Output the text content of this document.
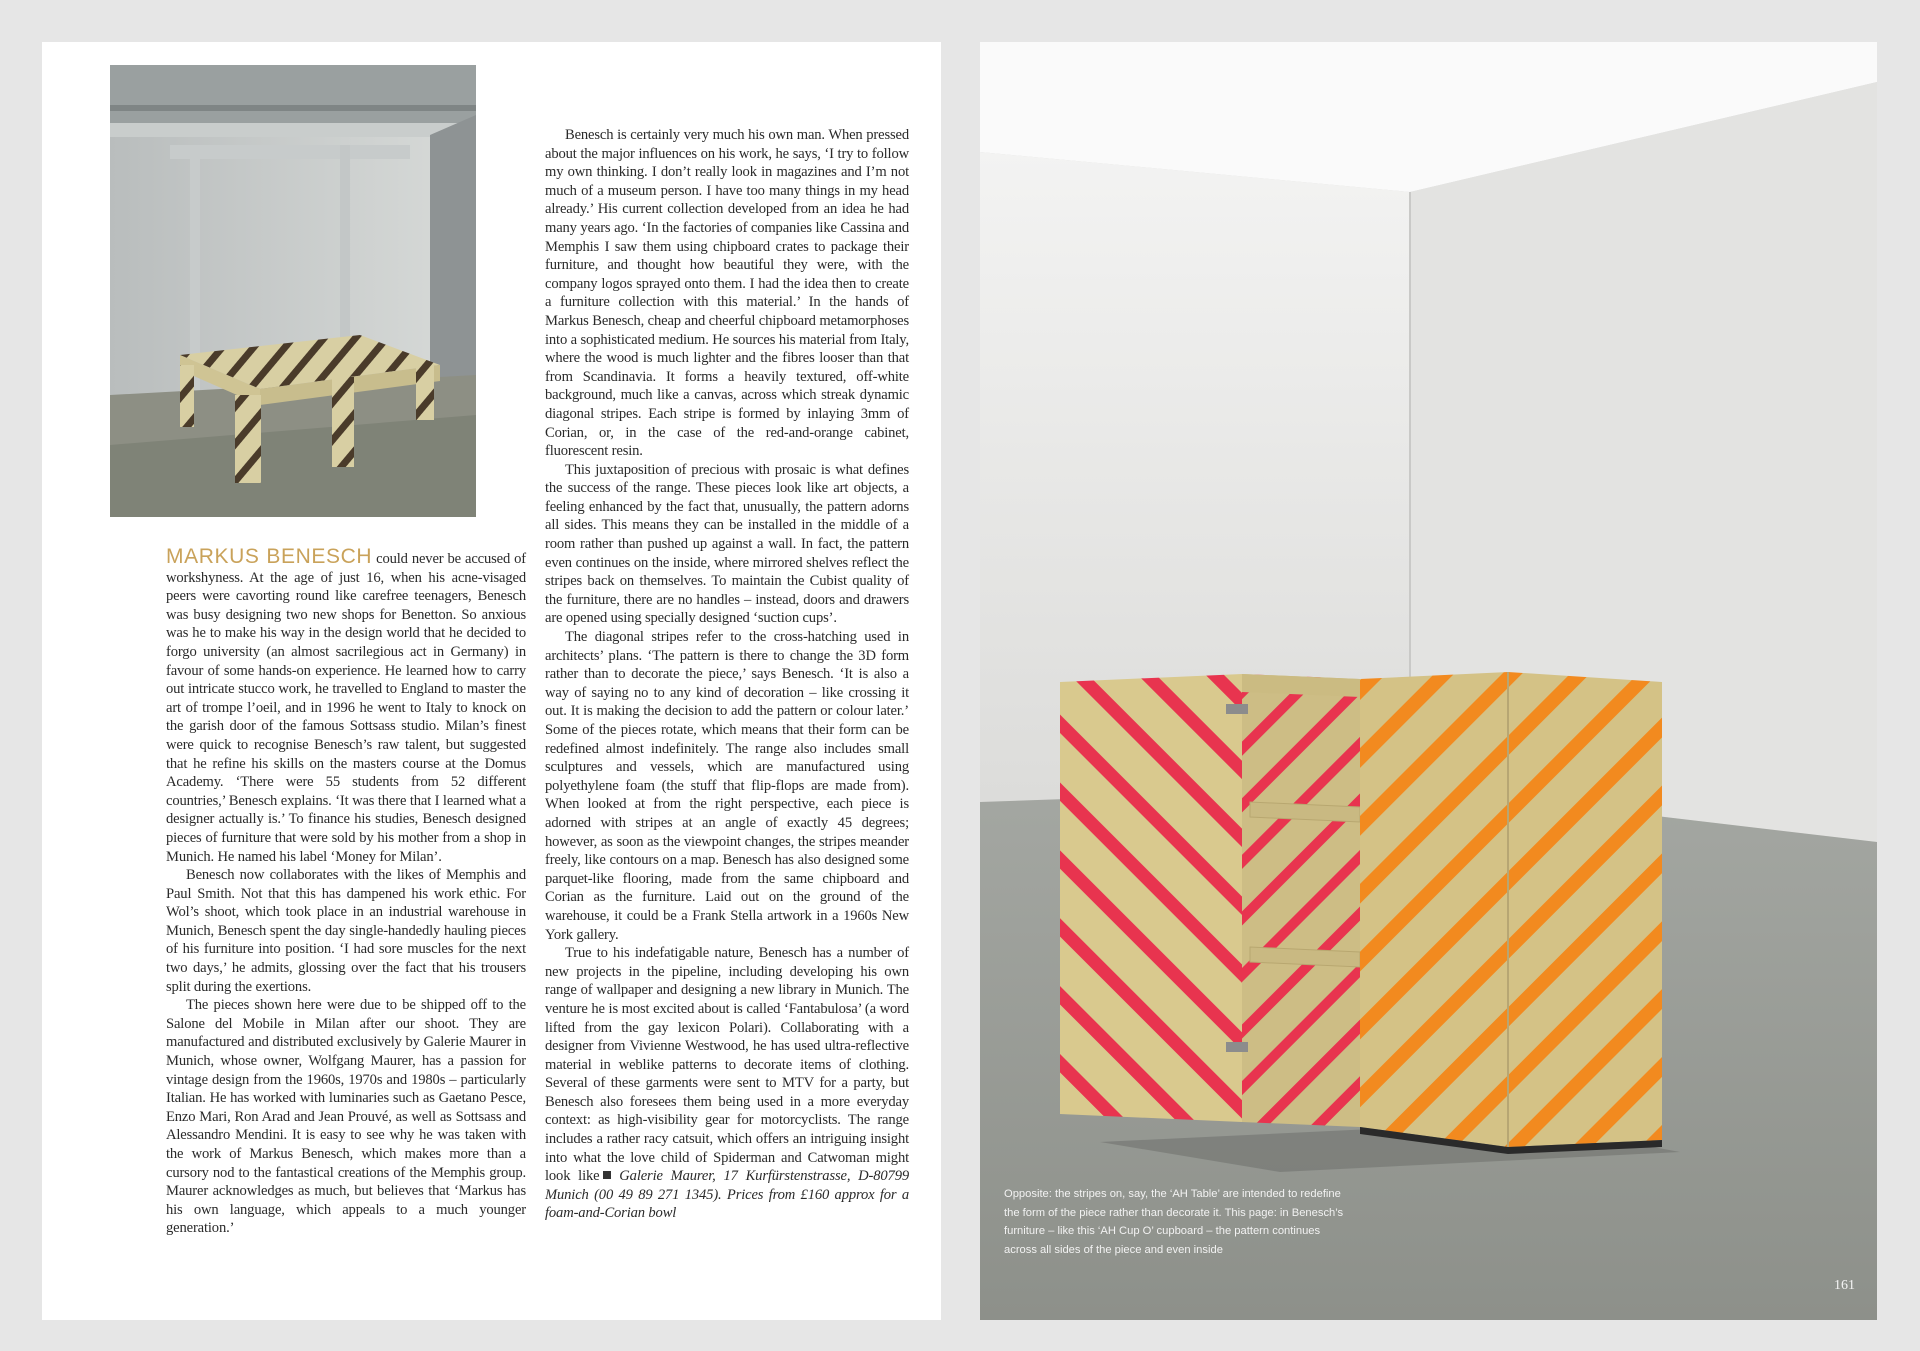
MARKUS BENESCH could never be accused of workshyness. At the age of just 16, when his acne-visaged peers were cavorting round like carefree teenagers, Benesch was busy designing two new shops for Benetton. So anxious was he to make his way in the design world that he decided to forgo university (an almost sacrilegious act in Germany) in favour of some hands-on experience. He learned how to carry out intricate stucco work, he travelled to England to master the art of trompe l’oeil, and in 1996 he went to Italy to knock on the garish door of the famous Sottsass studio. Milan’s finest were quick to recognise Benesch’s raw talent, but suggested that he refine his skills on the masters course at the Domus Academy. ‘There were 55 students from 52 different countries,’ Benesch explains. ‘It was there that I learned what a designer actually is.’ To finance his studies, Benesch designed pieces of furniture that were sold by his mother from a shop in Munich. He named his label ‘Money for Milan’.

Benesch now collaborates with the likes of Memphis and Paul Smith. Not that this has dampened his work ethic. For Wol’s shoot, which took place in an industrial warehouse in Munich, Benesch spent the day single-handedly hauling pieces of his furniture into position. ‘I had sore muscles for the next two days,’ he admits, glossing over the fact that his trousers split during the exertions.

The pieces shown here were due to be shipped off to the Salone del Mobile in Milan after our shoot. They are manufactured and distributed exclusively by Galerie Maurer in Munich, whose owner, Wolfgang Maurer, has a passion for vintage design from the 1960s, 1970s and 1980s – particularly Italian. He has worked with luminaries such as Gaetano Pesce, Enzo Mari, Ron Arad and Jean Prouvé, as well as Sottsass and Alessandro Mendini. It is easy to see why he was taken with the work of Markus Benesch, which makes more than a cursory nod to the fantastical creations of the Memphis group. Maurer acknowledges as much, but believes that ‘Markus has his own language, which appeals to a much younger generation.’

Benesch is certainly very much his own man. When pressed about the major influences on his work, he says, ‘I try to follow my own thinking. I don’t really look in magazines and I’m not much of a museum person. I have too many things in my head already.’ His current collection developed from an idea he had many years ago. ‘In the factories of companies like Cassina and Memphis I saw them using chipboard crates to package their furniture, and thought how beautiful they were, with the company logos sprayed onto them. I had the idea then to create a furniture collection with this material.’ In the hands of Markus Benesch, cheap and cheerful chipboard metamorphoses into a sophisticated medium. He sources his material from Italy, where the wood is much lighter and the fibres looser than that from Scandinavia. It forms a heavily textured, off-white background, much like a canvas, across which streak dynamic diagonal stripes. Each stripe is formed by inlaying 3mm of Corian, or, in the case of the red-and-orange cabinet, fluorescent resin.

This juxtaposition of precious with prosaic is what defines the success of the range. These pieces look like art objects, a feeling enhanced by the fact that, unusually, the pattern adorns all sides. This means they can be installed in the middle of a room rather than pushed up against a wall. In fact, the pattern even continues on the inside, where mirrored shelves reflect the stripes back on themselves. To maintain the Cubist quality of the furniture, there are no handles – instead, doors and drawers are opened using specially designed ‘suction cups’.

The diagonal stripes refer to the cross-hatching used in architects’ plans. ‘The pattern is there to change the 3D form rather than to decorate the piece,’ says Benesch. ‘It is also a way of saying no to any kind of decoration – like crossing it out. It is making the decision to add the pattern or colour later.’ Some of the pieces rotate, which means that their form can be redefined almost indefinitely. The range also includes small sculptures and vessels, which are manufactured using polyethylene foam (the stuff that flip-flops are made from). When looked at from the right perspective, each piece is adorned with stripes at an angle of exactly 45 degrees; however, as soon as the viewpoint changes, the stripes meander freely, like contours on a map. Benesch has also designed some parquet-like flooring, made from the same chipboard and Corian as the furniture. Laid out on the ground of the warehouse, it could be a Frank Stella artwork in a 1960s New York gallery.

True to his indefatigable nature, Benesch has a number of new projects in the pipeline, including developing his own range of wallpaper and designing a new library in Munich. The venture he is most excited about is called ‘Fantabulosa’ (a word lifted from the gay lexicon Polari). Collaborating with a designer from Vivienne Westwood, he has used ultra-reflective material in weblike patterns to decorate items of clothing. Several of these garments were sent to MTV for a party, but Benesch also foresees them being used in a more everyday context: as high-visibility gear for motorcyclists. The range includes a rather racy catsuit, which offers an intriguing insight into what the love child of Spiderman and Catwoman might look like Galerie Maurer, 17 Kurfürstenstrasse, D-80799 Munich (00 49 89 271 1345). Prices from £160 approx for a foam-and-Corian bowl

Opposite: the stripes on, say, the ‘AH Table’ are intended to redefine the form of the piece rather than decorate it. This page: in Benesch’s furniture – like this ‘AH Cup O’ cupboard – the pattern continues across all sides of the piece and even inside
161
